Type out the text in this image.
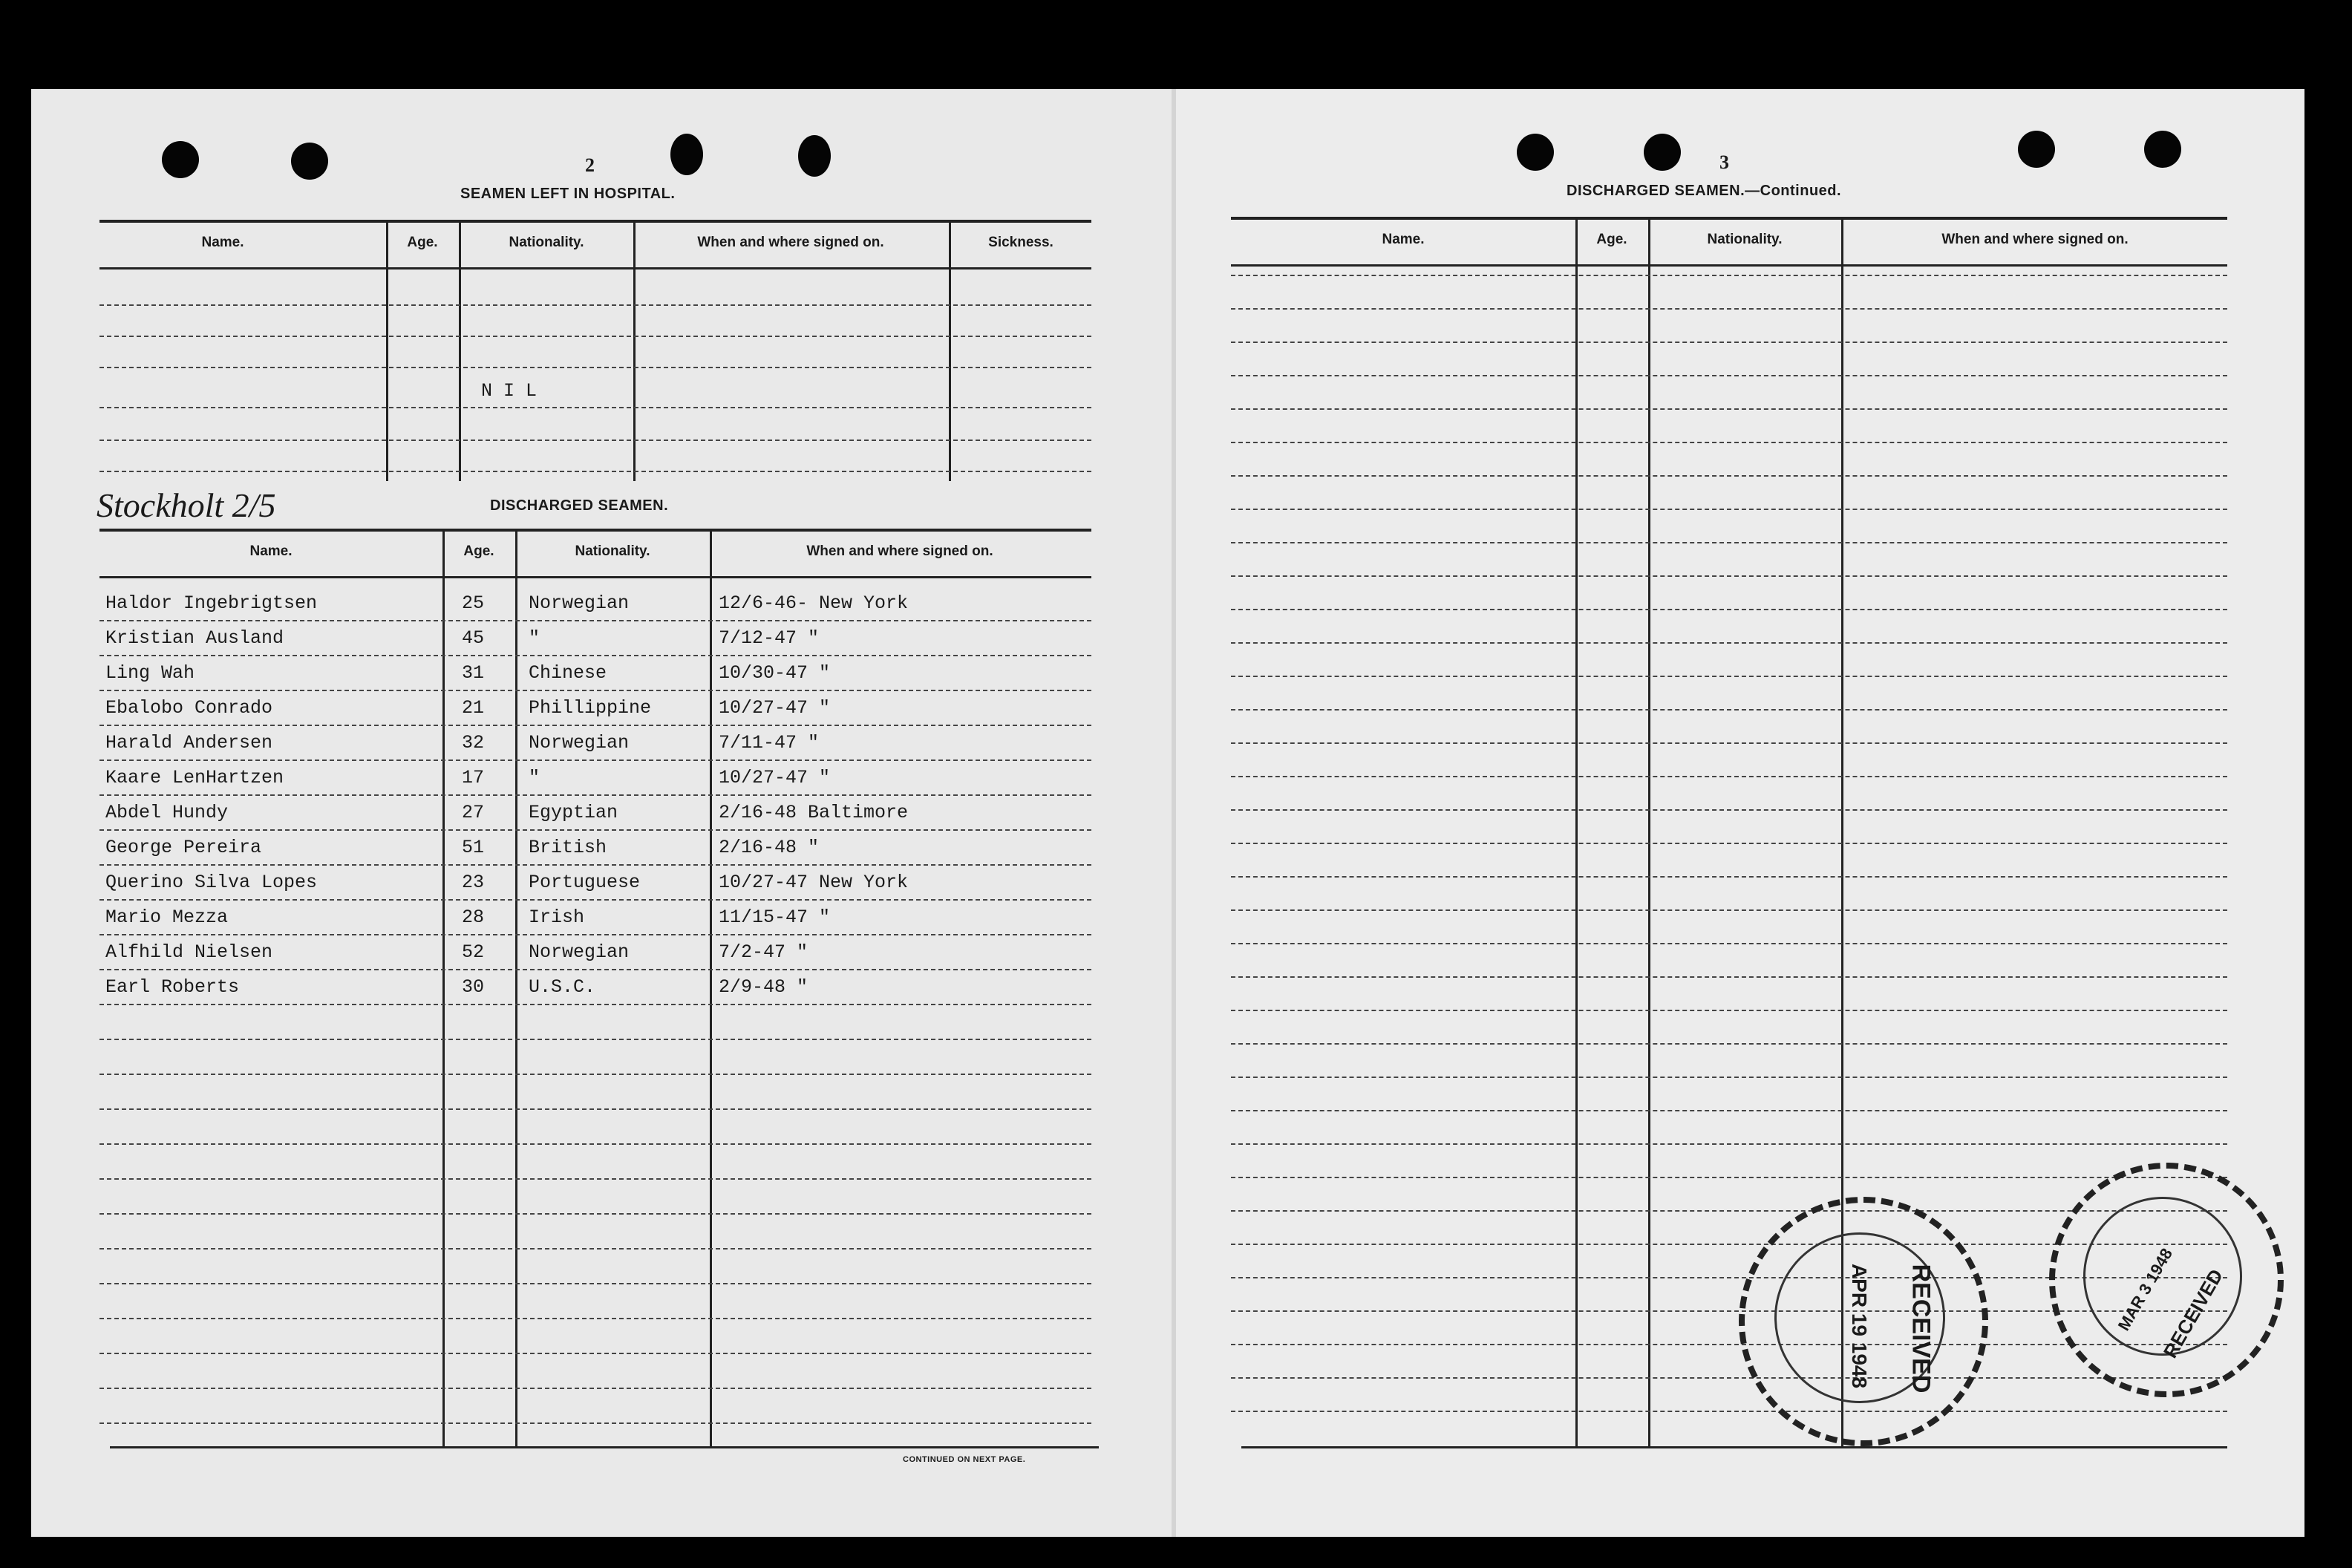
2
SEAMEN LEFT IN HOSPITAL.
Name.	Age.	Nationality.	When and where signed on.	Sickness.
N I L
Stockholt 2/5	DISCHARGED SEAMEN.
Name.	Age.	Nationality.	When and where signed on.
Haldor Ingebrigtsen	25 Norwegian	12/6-46- New York
Kristian Ausland	45 "	7/12-47 "
Ling Wah	31 Chinese	10/30-47 "
Ebalobo Conrado	21 Phillippine	10/27-47 "
Harald Andersen	32 Norwegian	7/11-47 "
Kaare LenHartzen	17 "	10/27-47 "
Abdel Hundy	27 Egyptian	2/16-48 Baltimore
George Pereira	51 British	2/16-48 "
Querino Silva Lopes	23 Portuguese	10/27-47 New York
Mario Mezza	28 Irish	11/15-47 "
Alfhild Nielsen	52 Norwegian	7/2-47 "
Earl Roberts	30 U.S.C.	2/9-48 "
CONTINUED ON NEXT PAGE.
3
DISCHARGED SEAMEN.—Continued.
Name.	Age.	Nationality.	When and where signed on.
RECEIVED
APR 19 1948	RECEIVED
MAR 3 1948
